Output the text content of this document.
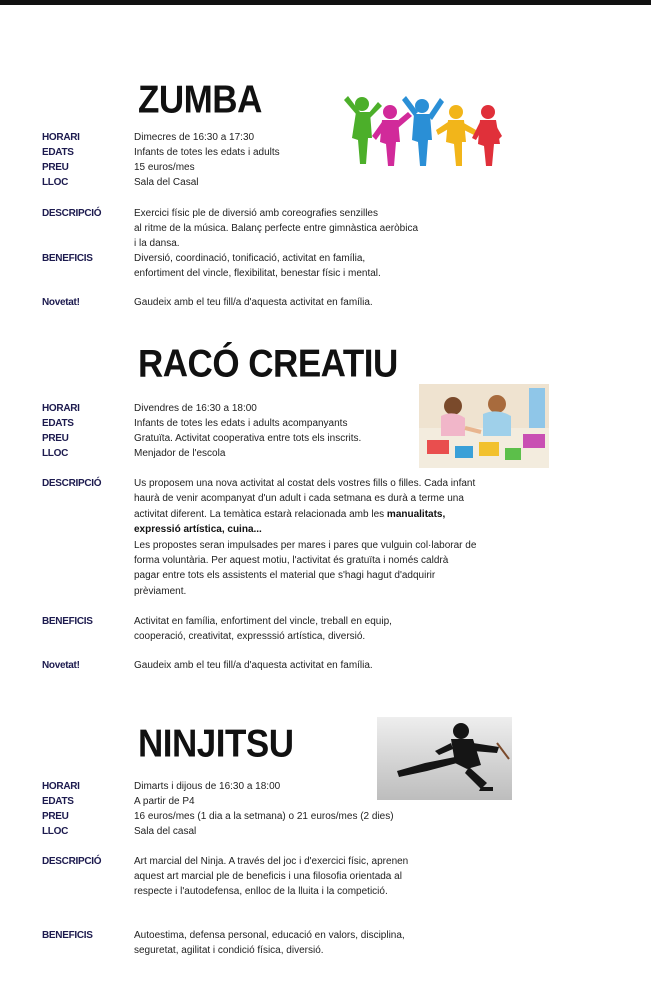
ZUMBA
HORARI	Dimecres de 16:30 a 17:30
EDATS	Infants de totes les edats i adults
PREU	15 euros/mes
LLOC	Sala del Casal
DESCRIPCIÓ	Exercici físic ple de diversió amb coreografies senzilles
al ritme de la música. Balanç perfecte entre gimnàstica aeròbica
i la dansa.
BENEFICIS	Diversió, coordinació, tonificació, activitat en família,
enfortiment del vincle, flexibilitat, benestar físic i mental.
Novetat!	Gaudeix amb el teu fill/a d'aquesta activitat en família.
RACÓ CREATIU
HORARI	Divendres de 16:30 a 18:00
EDATS	Infants de totes les edats i adults acompanyants
PREU	Gratuïta. Activitat cooperativa entre tots els inscrits.
LLOC	Menjador de l'escola
DESCRIPCIÓ	Us proposem una nova activitat al costat dels vostres fills o filles. Cada infant
haurà de venir acompanyat d'un adult i cada setmana es durà a terme una
activitat diferent. La temàtica estarà relacionada amb les manualitats,
expressió artística, cuina...
Les propostes seran impulsades per mares i pares que vulguin col·laborar de
forma voluntària. Per aquest motiu, l'activitat és gratuïta i només caldrà
pagar entre tots els assistents el material que s'hagi hagut d'adquirir
prèviament.
BENEFICIS	Activitat en família, enfortiment del vincle, treball en equip,
cooperació, creativitat, expresssió artística, diversió.
Novetat!	Gaudeix amb el teu fill/a d'aquesta activitat en família.
NINJITSU
HORARI	Dimarts i dijous de 16:30 a 18:00
EDATS	A partir de P4
PREU	16 euros/mes (1 dia a la setmana) o 21 euros/mes (2 dies)
LLOC	Sala del casal
DESCRIPCIÓ	Art marcial del Ninja. A través del joc i d'exercici físic, aprenen
aquest art marcial ple de beneficis i una filosofia orientada al
respecte i l'autodefensa, enlloc de la lluita i la competició.
BENEFICIS	Autoestima, defensa personal, educació en valors, disciplina,
seguretat, agilitat i condició física, diversió.
